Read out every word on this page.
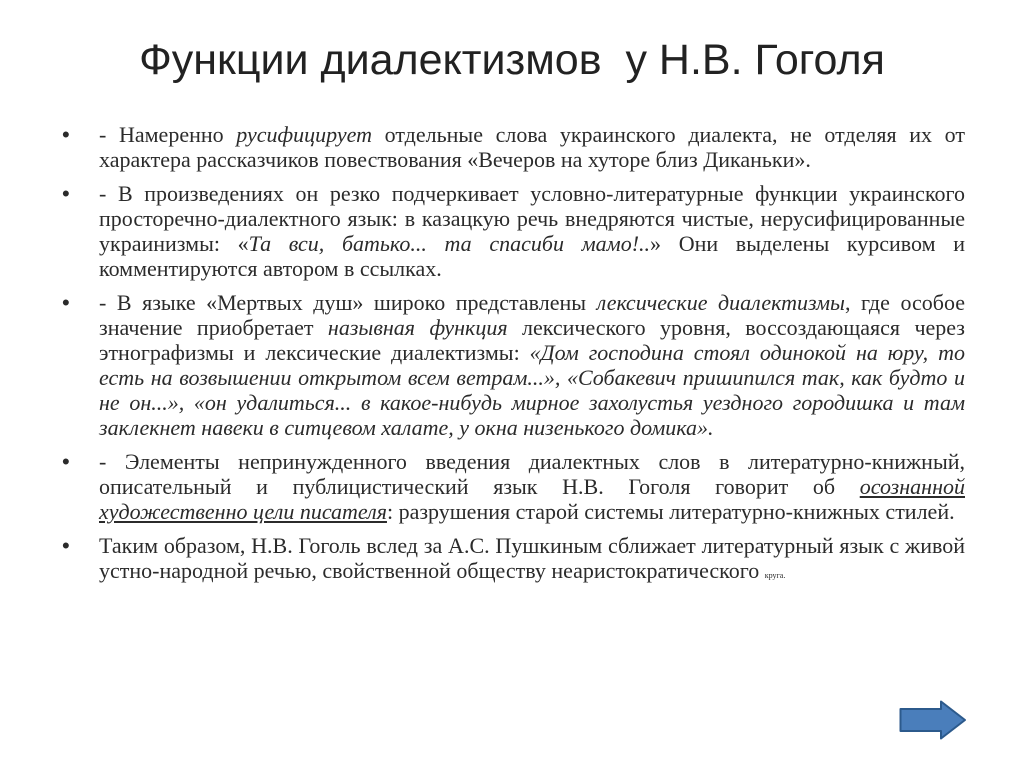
Функции диалектизмов  у Н.В. Гоголя
• - Намеренно русифицирует отдельные слова украинского диалекта, не отделяя их от характера рассказчиков повествования «Вечеров на хуторе близ Диканьки».
• - В произведениях он резко подчеркивает условно-литературные функции украинского просторечно-диалектного язык: в казацкую речь внедряются чистые, нерусифицированные украинизмы: «Та вси, батько... та спасиби мамо!..» Они выделены курсивом и комментируются автором в ссылках.
• - В языке «Мертвых душ» широко представлены лексические диалектизмы, где особое значение приобретает назывная функция лексического уровня, воссоздающаяся через этнографизмы и лексические диалектизмы: «Дом господина стоял одинокой на юру, то есть на возвышении открытом всем ветрам...», «Собакевич пришипился так, как будто и не он...», «он удалиться... в какое-нибудь мирное захолустья уездного городишка и там заклекнет навеки в ситцевом халате, у окна низенького домика».
• - Элементы непринужденного введения диалектных слов в литературно-книжный, описательный и публицистический язык Н.В. Гоголя говорит об осознанной художественно цели писателя: разрушения старой системы литературно-книжных стилей.
• Таким образом, Н.В. Гоголь вслед за А.С. Пушкиным сближает литературный язык с живой устно-народной речью, свойственной обществу неаристократического круга.
